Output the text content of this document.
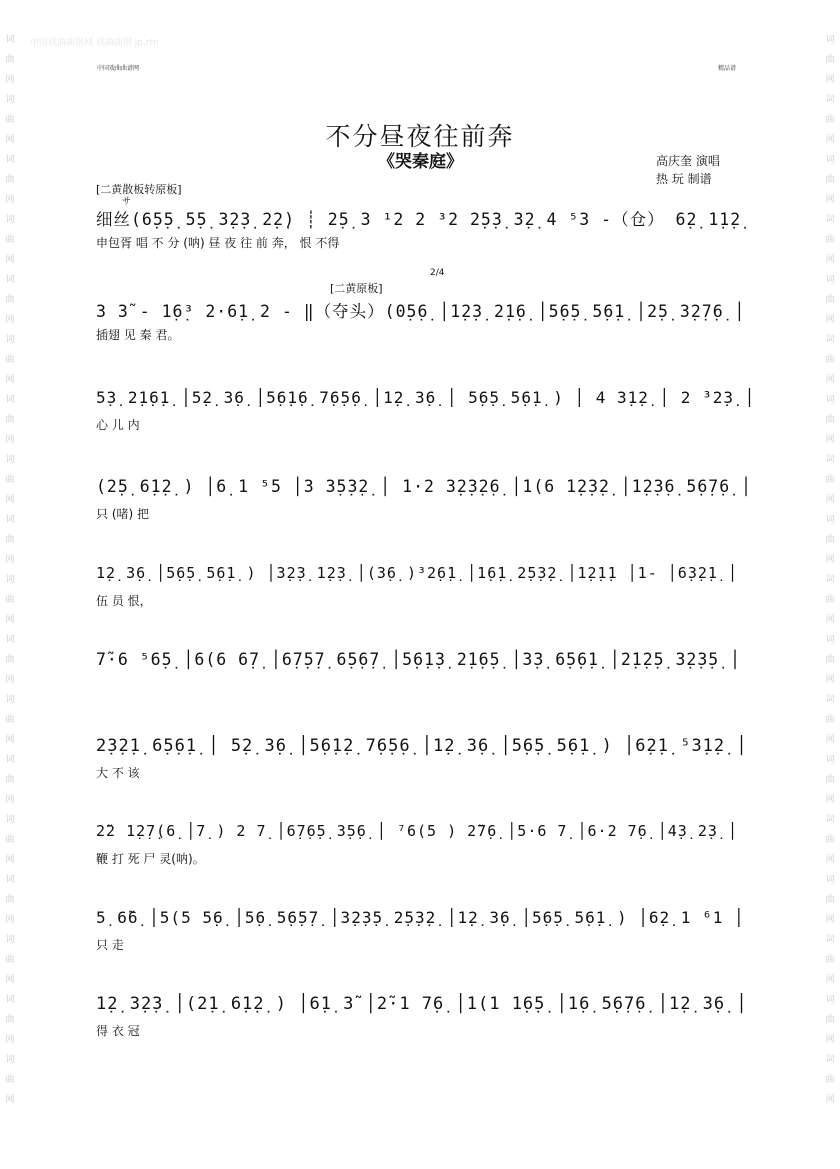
词
曲
网
词
曲
网
词
曲
网
词
曲
网
词
曲
网
词
曲
网
词
曲
网
词
曲
网
词
曲
网
词
曲
网
词
曲
网
词
曲
网
词
曲
网
词
曲
网
词
曲
网
词
曲
网
词
曲
网
词
曲
网
词
曲
网
词
曲
网
词
曲
网
词
曲
网
词
曲
网
词
曲
网
词
曲
网
词
曲
网
词
曲
网
词
曲
网
词
曲
网
词
曲
网
词
曲
网
词
曲
网
词
曲
网
词
曲
网
词
曲
网
词
曲
网
中国戏曲曲谱网 戏曲曲谱 jp.rtn
中国戏曲曲谱网	精品谱
不分昼夜往前奔
《哭秦庭》	高庆奎 演唱
热 玩 制谱
[二黄散板转原板]
サ
[二黄原板]
2/4
细丝(6̣5̣5̣ 5̣5̣ 3̣2̣3̣ 2̣2̣) ┊ 2̣5̣ 3 ¹2 2 ³2 2̣5̣3̣ 3̣2̣ 4 ⁵3 -（仓） 6̣2̣ 1̣1̣2̣
申包胥 唱 不 分 (呐) 昼 夜 往 前 奔， 恨 不得
3 3̃ - 1̣6̣³ 2·6̣1̣ 2 - ‖（夺头）(0̣5̣6̣ │1̣2̣3̣ 2̣1̣6̣ │5̣6̣5̣ 5̣6̣1̣ │2̣5̣ 3̣2̣7̣6̣ │
插翅 见 秦 君。
5̣3̣ 2̣1̣6̣1̣ │5̣2̣ 3̣6̣ │5̣6̣1̣6̣ 7̣6̣5̣6̣ │1̣2̣ 3̣6̣ │ 5̣6̣5̣ 5̣6̣1̣ ) │ 4 3̣1̣2̣ │ 2 ³2̣3̣ │
心 儿 内
(2̣5̣ 6̣1̣2̣ ) │6̣ 1 ⁵5 │3 3̣5̣3̣2̣ │ 1·2 3̣2̣3̣2̣6̣ │1(6 1̣2̣3̣2̣ │1̣2̣3̣6̣ 5̣6̣7̣6̣ │
只 (啫) 把
1̣2̣ 3̣6̣ │5̣6̣5̣ 5̣6̣1̣ ) │3̣2̣3̣ 1̣2̣3̣ │(3̣6̣ )³2̣6̣1̣ │1̣6̣1̣ 2̣5̣3̣2̣ │1̣2̣1̣1 │1- │6̣3̣2̣1̣ │
伍 员 恨，
7̃·6 ⁵6̣5̣ │6(6 6̣7̣ │6̣7̣5̣7̣ 6̣5̣6̣7̣ │5̣6̣1̣3̣ 2̣1̣6̣5̣ │3̣3̣ 6̣5̣6̣1̣ │2̣1̣2̣5̣ 3̣2̣3̣5̣ │
2̣3̣2̣1̣ 6̣5̣6̣1̣ │ 5̣2̣ 3̣6̣ │5̣6̣1̣2̣ 7̣6̣5̣6̣ │1̣2̣ 3̣6̣ │5̣6̣5̣ 5̣6̣1̣ ) │6̣2̣1̣ ⁵3̣1̣2̣ │
大 不 该
2̃2 1̣2̣7̣(6̣ │7̣ ) 2 7̣ │6̣7̣6̣5̣ 3̣5̣6̣ │ ⁷6(5 ) 2̃7̣6̣ │5·6 7̣ │6·2 7̣6̣ │4̣3̣ 2̣3̣ │
鞭 打 死 尸 灵(呐)。
5̣ 6̃6̣ │5(5 5̣6̣ │5̣6̣ 5̣6̣5̣7̣ │3̣2̣3̣5̣ 2̣5̣3̣2̣ │1̣2̣ 3̣6̣ │5̣6̣5̣ 5̣6̣1̣ ) │6̣2̣ 1 ⁶1 │
只 走
1̣2̣ 3̣2̣3̣ │(2̣1̣ 6̣1̣2̣ ) │6̣1̣ 3̃ │2̃·1 7̣6̣ │1(1 1̣6̣5̣ │1̣6̣ 5̣6̣7̣6̣ │1̣2̣ 3̣6̣ │
得 衣 冠
